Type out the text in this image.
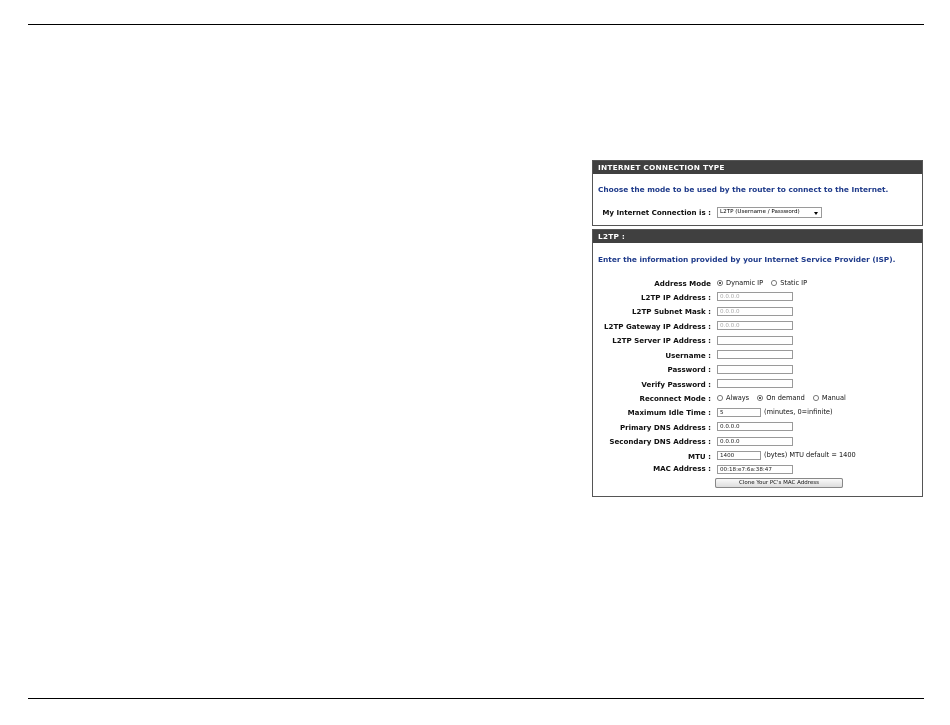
INTERNET CONNECTION TYPE
Choose the mode to be used by the router to connect to the Internet.
My Internet Connection is :	L2TP (Username / Password)
L2TP :
Enter the information provided by your Internet Service Provider (ISP).
Address Mode	Dynamic IP	Static IP
L2TP IP Address :	0.0.0.0
L2TP Subnet Mask :	0.0.0.0
L2TP Gateway IP Address :	0.0.0.0
L2TP Server IP Address :
Username :
Password :
Verify Password :
Reconnect Mode :	Always	On demand	Manual
Maximum Idle Time :	5	(minutes, 0=infinite)
Primary DNS Address :	0.0.0.0
Secondary DNS Address :	0.0.0.0
MTU :	1400	(bytes) MTU default = 1400
MAC Address :	00:18:e7:6a:38:47
Clone Your PC's MAC Address
